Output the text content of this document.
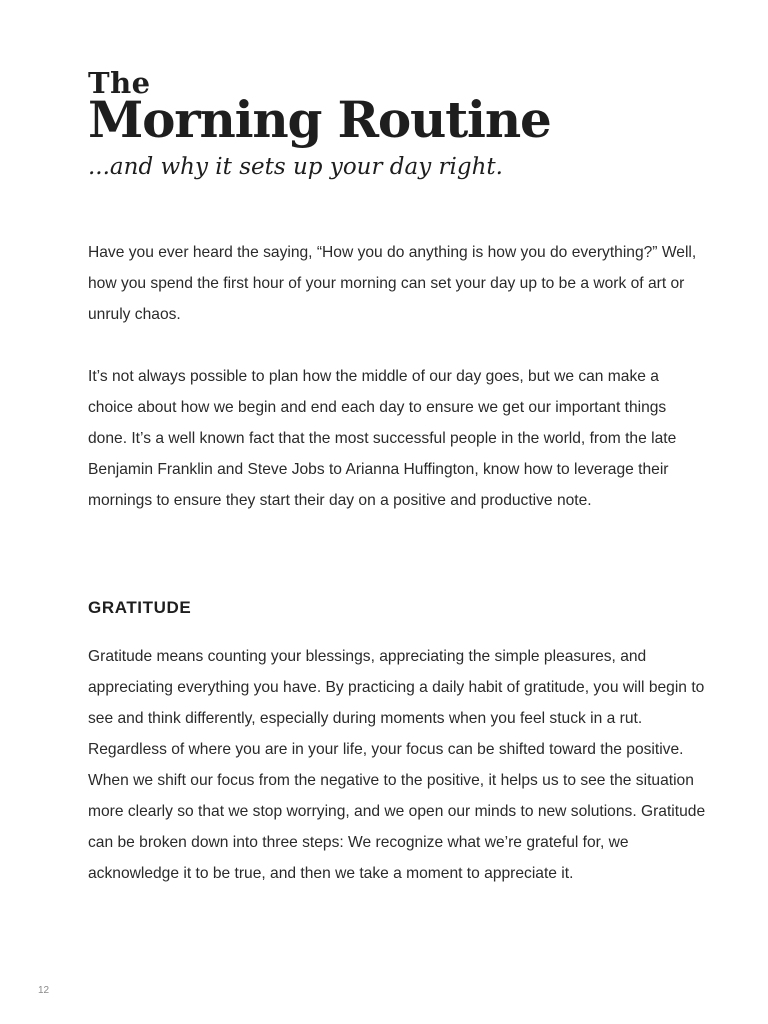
The
Morning Routine
...and why it sets up your day right.

Have you ever heard the saying, “How you do anything is how you do everything?” Well, how you spend the first hour of your morning can set your day up to be a work of art or unruly chaos.

It’s not always possible to plan how the middle of our day goes, but we can make a choice about how we begin and end each day to ensure we get our important things done. It’s a well known fact that the most successful people in the world, from the late Benjamin Franklin and Steve Jobs to Arianna Huffington, know how to leverage their mornings to ensure they start their day on a positive and productive note.

GRATITUDE

Gratitude means counting your blessings, appreciating the simple pleasures, and appreciating everything you have. By practicing a daily habit of gratitude, you will begin to see and think differently, especially during moments when you feel stuck in a rut. Regardless of where you are in your life, your focus can be shifted toward the positive. When we shift our focus from the negative to the positive, it helps us to see the situation more clearly so that we stop worrying, and we open our minds to new solutions. Gratitude can be broken down into three steps: We recognize what we’re grateful for, we acknowledge it to be true, and then we take a moment to appreciate it.

12
